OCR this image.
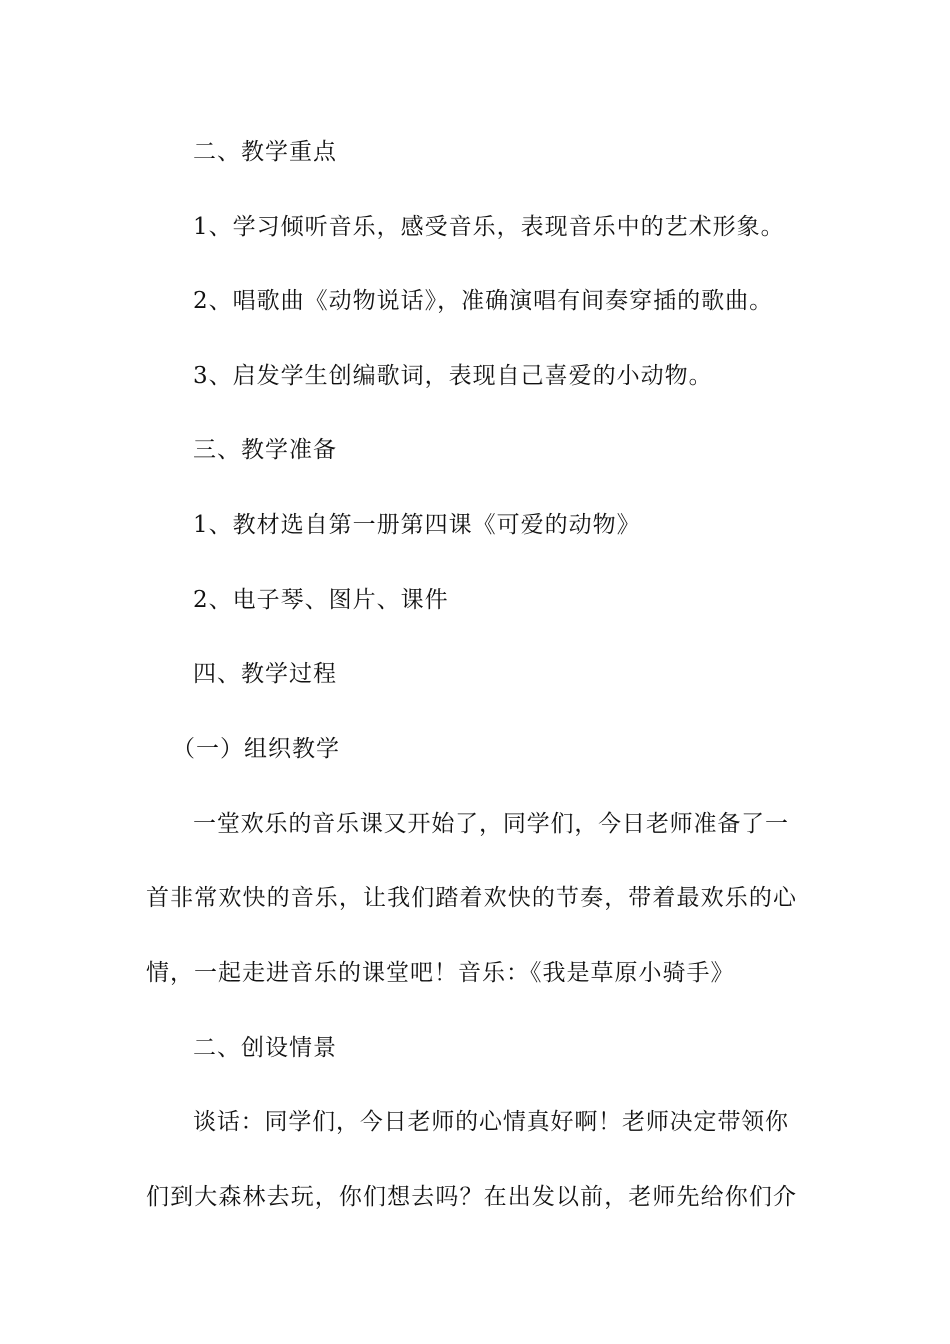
二、教学重点
1、学习倾听音乐，感受音乐，表现音乐中的艺术形象。
2、唱歌曲《动物说话》，准确演唱有间奏穿插的歌曲。
3、启发学生创编歌词，表现自己喜爱的小动物。
三、教学准备
1、教材选自第一册第四课《可爱的动物》
2、电子琴、图片、课件
四、教学过程
（一）组织教学
一堂欢乐的音乐课又开始了，同学们，今日老师准备了一
首非常欢快的音乐，让我们踏着欢快的节奏，带着最欢乐的心
情，一起走进音乐的课堂吧！音乐：《我是草原小骑手》
二、创设情景
谈话：同学们，今日老师的心情真好啊！老师决定带领你
们到大森林去玩，你们想去吗？在出发以前，老师先给你们介
